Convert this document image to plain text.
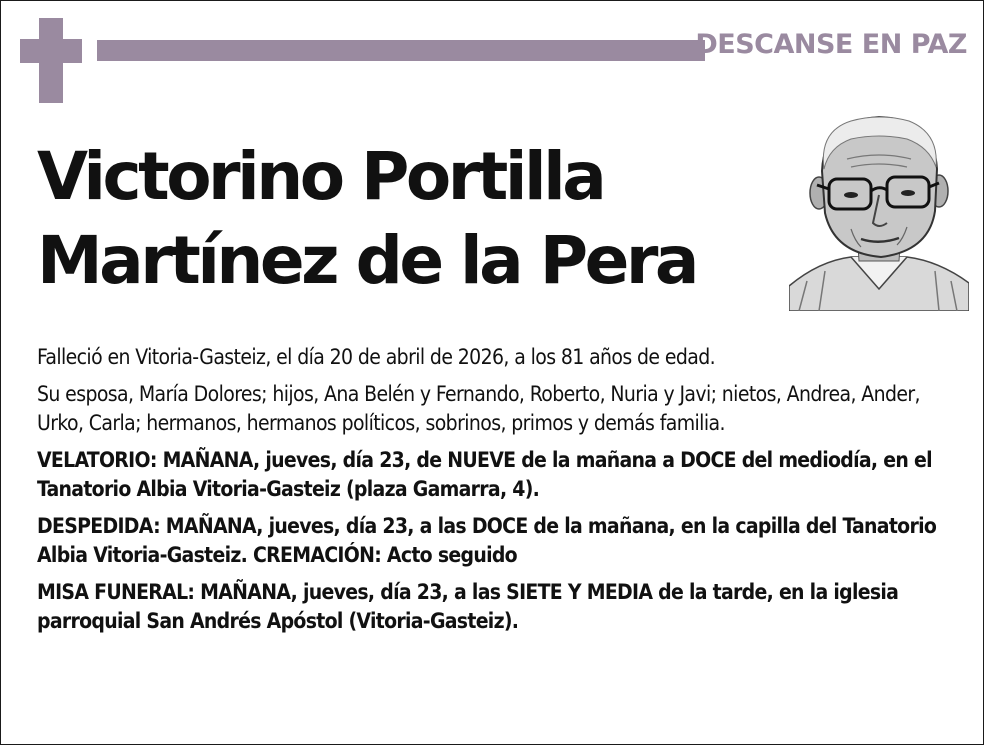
DESCANSE EN PAZ
Victorino Portilla
Martínez de la Pera

Falleció en Vitoria-Gasteiz, el día 20 de abril de 2026, a los 81 años de edad.

Su esposa, María Dolores; hijos, Ana Belén y Fernando, Roberto, Nuria y Javi; nietos, Andrea, Ander, Urko, Carla; hermanos, hermanos políticos, sobrinos, primos y demás familia.

VELATORIO: MAÑANA, jueves, día 23, de NUEVE de la mañana a DOCE del mediodía, en el Tanatorio Albia Vitoria-Gasteiz (plaza Gamarra, 4).

DESPEDIDA: MAÑANA, jueves, día 23, a las DOCE de la mañana, en la capilla del Tanatorio Albia Vitoria-Gasteiz. CREMACIÓN: Acto seguido

MISA FUNERAL: MAÑANA, jueves, día 23, a las SIETE Y MEDIA de la tarde, en la iglesia parroquial San Andrés Apóstol (Vitoria-Gasteiz).
